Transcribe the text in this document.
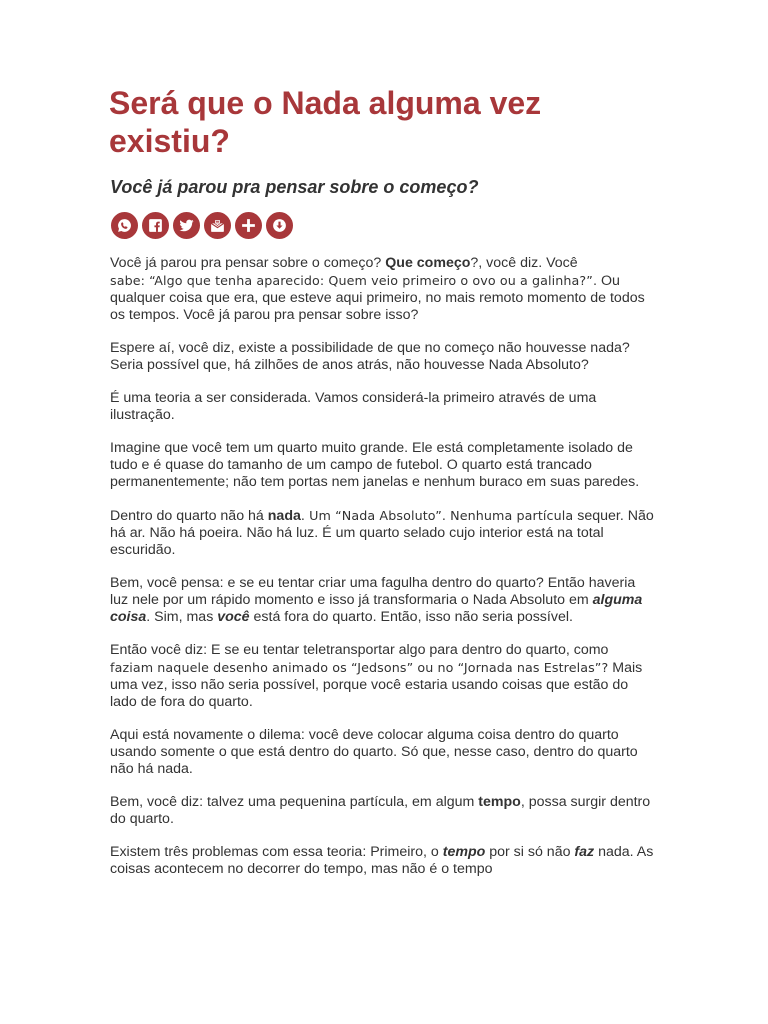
Será que o Nada alguma vez existiu?
Você já parou pra pensar sobre o começo?

Você já parou pra pensar sobre o começo? Que começo?, você diz. Você
sabe: “Algo que tenha aparecido: Quem veio primeiro o ovo ou a galinha?”. Ou qualquer coisa que era, que esteve aqui primeiro, no mais remoto momento de todos os tempos. Você já parou pra pensar sobre isso?

Espere aí, você diz, existe a possibilidade de que no começo não houvesse nada? Seria possível que, há zilhões de anos atrás, não houvesse Nada Absoluto?

É uma teoria a ser considerada. Vamos considerá-la primeiro através de uma ilustração.

Imagine que você tem um quarto muito grande. Ele está completamente isolado de tudo e é quase do tamanho de um campo de futebol. O quarto está trancado permanentemente; não tem portas nem janelas e nenhum buraco em suas paredes.

Dentro do quarto não há nada. Um “Nada Absoluto”. Nenhuma partícula sequer. Não há ar. Não há poeira. Não há luz. É um quarto selado cujo interior está na total escuridão.

Bem, você pensa: e se eu tentar criar uma fagulha dentro do quarto? Então haveria luz nele por um rápido momento e isso já transformaria o Nada Absoluto em alguma coisa. Sim, mas você está fora do quarto. Então, isso não seria possível.

Então você diz: E se eu tentar teletransportar algo para dentro do quarto, como faziam naquele desenho animado os “Jedsons” ou no “Jornada nas Estrelas”? Mais uma vez, isso não seria possível, porque você estaria usando coisas que estão do lado de fora do quarto.

Aqui está novamente o dilema: você deve colocar alguma coisa dentro do quarto usando somente o que está dentro do quarto. Só que, nesse caso, dentro do quarto não há nada.

Bem, você diz: talvez uma pequenina partícula, em algum tempo, possa surgir dentro do quarto.

Existem três problemas com essa teoria: Primeiro, o tempo por si só não faz nada. As coisas acontecem no decorrer do tempo, mas não é o tempo
